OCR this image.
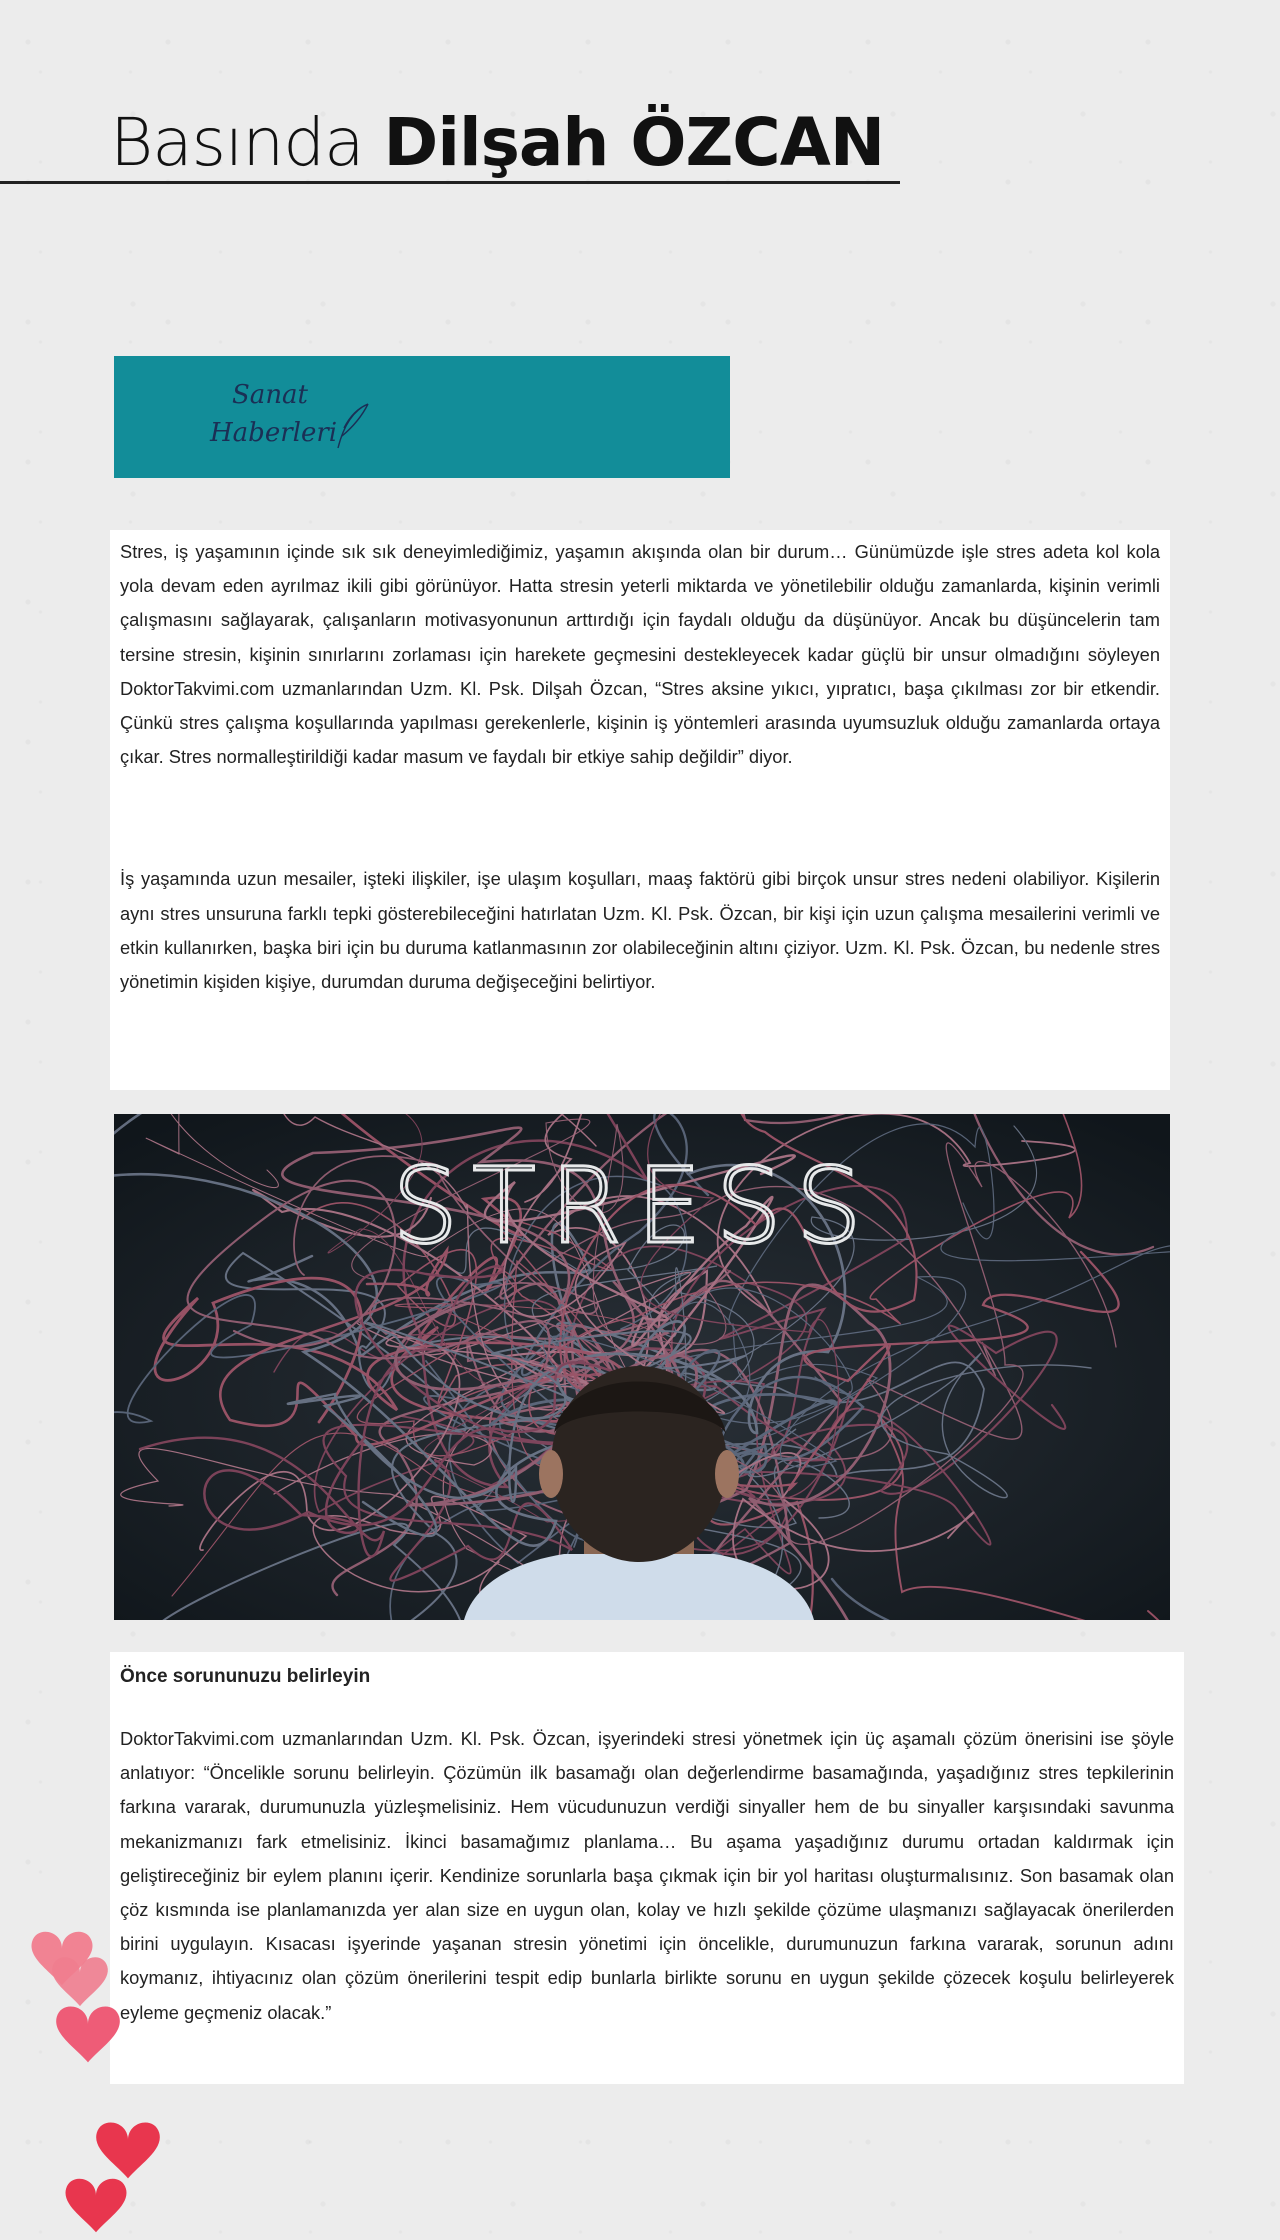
Basında Dilşah ÖZCAN
Sanat
Haberleri

Stres, iş yaşamının içinde sık sık deneyimlediğimiz, yaşamın akışında olan bir durum… Günümüzde işle stres adeta kol kola yola devam eden ayrılmaz ikili gibi görünüyor. Hatta stresin yeterli miktarda ve yönetilebilir olduğu zamanlarda, kişinin verimli çalışmasını sağlayarak, çalışanların motivasyonunun arttırdığı için faydalı olduğu da düşünüyor. Ancak bu düşüncelerin tam tersine stresin, kişinin sınırlarını zorlaması için harekete geçmesini destekleyecek kadar güçlü bir unsur olmadığını söyleyen DoktorTakvimi.com uzmanlarından Uzm. Kl. Psk. Dilşah Özcan, “Stres aksine yıkıcı, yıpratıcı, başa çıkılması zor bir etkendir. Çünkü stres çalışma koşullarında yapılması gerekenlerle, kişinin iş yöntemleri arasında uyumsuzluk olduğu zamanlarda ortaya çıkar. Stres normalleştirildiği kadar masum ve faydalı bir etkiye sahip değildir” diyor.

İş yaşamında uzun mesailer, işteki ilişkiler, işe ulaşım koşulları, maaş faktörü gibi birçok unsur stres nedeni olabiliyor. Kişilerin aynı stres unsuruna farklı tepki gösterebileceğini hatırlatan Uzm. Kl. Psk. Özcan, bir kişi için uzun çalışma mesailerini verimli ve etkin kullanırken, başka biri için bu duruma katlanmasının zor olabileceğinin altını çiziyor. Uzm. Kl. Psk. Özcan, bu nedenle stres yönetimin kişiden kişiye, durumdan duruma değişeceğini belirtiyor.

STRESS
Önce sorununuzu belirleyin

DoktorTakvimi.com uzmanlarından Uzm. Kl. Psk. Özcan, işyerindeki stresi yönetmek için üç aşamalı çözüm önerisini ise şöyle anlatıyor: “Öncelikle sorunu belirleyin. Çözümün ilk basamağı olan değerlendirme basamağında, yaşadığınız stres tepkilerinin farkına vararak, durumunuzla yüzleşmelisiniz. Hem vücudunuzun verdiği sinyaller hem de bu sinyaller karşısındaki savunma mekanizmanızı fark etmelisiniz. İkinci basamağımız planlama… Bu aşama yaşadığınız durumu ortadan kaldırmak için geliştireceğiniz bir eylem planını içerir. Kendinize sorunlarla başa çıkmak için bir yol haritası oluşturmalısınız. Son basamak olan çöz kısmında ise planlamanızda yer alan size en uygun olan, kolay ve hızlı şekilde çözüme ulaşmanızı sağlayacak önerilerden birini uygulayın. Kısacası işyerinde yaşanan stresin yönetimi için öncelikle, durumunuzun farkına vararak, sorunun adını koymanız, ihtiyacınız olan çözüm önerilerini tespit edip bunlarla birlikte sorunu en uygun şekilde çözecek koşulu belirleyerek eyleme geçmeniz olacak.”
